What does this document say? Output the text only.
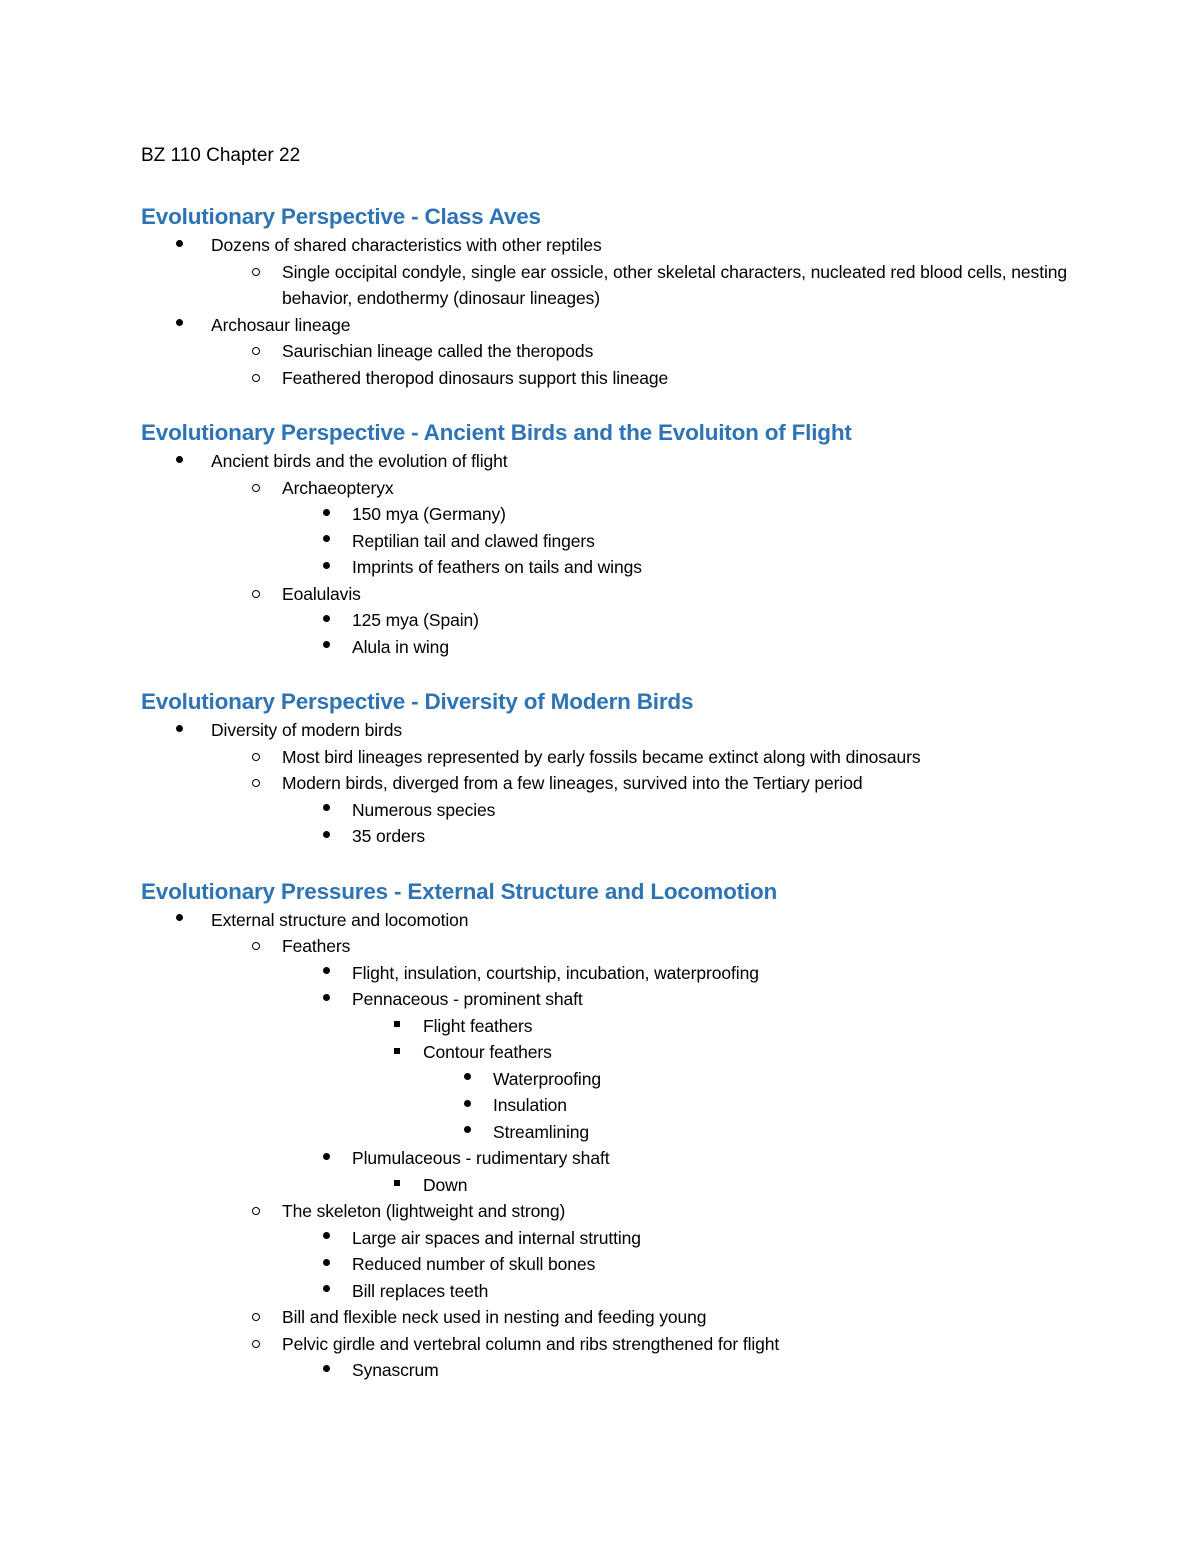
BZ 110 Chapter 22
Evolutionary Perspective - Class Aves
Dozens of shared characteristics with other reptiles
Single occipital condyle, single ear ossicle, other skeletal characters, nucleated red blood cells, nesting behavior, endothermy (dinosaur lineages)
Archosaur lineage
Saurischian lineage called the theropods
Feathered theropod dinosaurs support this lineage
Evolutionary Perspective - Ancient Birds and the Evoluiton of Flight
Ancient birds and the evolution of flight
Archaeopteryx
150 mya (Germany)
Reptilian tail and clawed fingers
Imprints of feathers on tails and wings
Eoalulavis
125 mya (Spain)
Alula in wing
Evolutionary Perspective - Diversity of Modern Birds
Diversity of modern birds
Most bird lineages represented by early fossils became extinct along with dinosaurs
Modern birds, diverged from a few lineages, survived into the Tertiary period
Numerous species
35 orders
Evolutionary Pressures - External Structure and Locomotion
External structure and locomotion
Feathers
Flight, insulation, courtship, incubation, waterproofing
Pennaceous - prominent shaft
Flight feathers
Contour feathers
Waterproofing
Insulation
Streamlining
Plumulaceous - rudimentary shaft
Down
The skeleton (lightweight and strong)
Large air spaces and internal strutting
Reduced number of skull bones
Bill replaces teeth
Bill and flexible neck used in nesting and feeding young
Pelvic girdle and vertebral column and ribs strengthened for flight
Synascrum
